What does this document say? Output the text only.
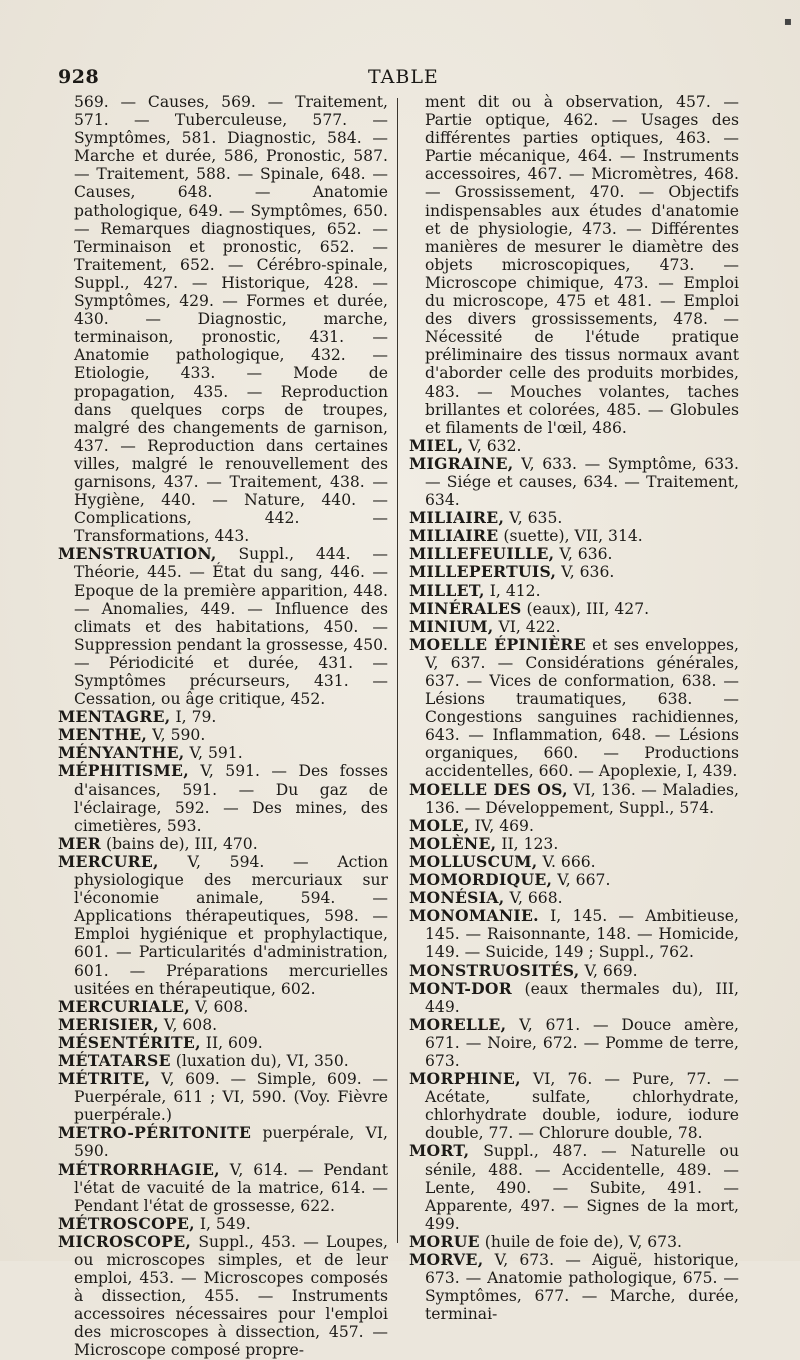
▪
928	TABLE

569. — Causes, 569. — Traitement, 571. — Tuberculeuse, 577. — Symptômes, 581. Diagnostic, 584. — Marche et durée, 586, Pronostic, 587. — Traitement, 588. — Spinale, 648. — Causes, 648. — Anatomie pathologique, 649. — Symptômes, 650. — Remarques diagnostiques, 652. — Terminaison et pronostic, 652. — Traitement, 652. — Cérébro-spinale, Suppl., 427. — Historique, 428. — Symptômes, 429. — Formes et durée, 430. — Diagnostic, marche, terminaison, pronostic, 431. — Anatomie pathologique, 432. — Etiologie, 433. — Mode de propagation, 435. — Reproduction dans quelques corps de troupes, malgré des changements de garnison, 437. — Reproduction dans certaines villes, malgré le renouvellement des garnisons, 437. — Traitement, 438. — Hygiène, 440. — Nature, 440. — Complications, 442. — Transformations, 443.

MENSTRUATION, Suppl., 444. — Théorie, 445. — État du sang, 446. — Epoque de la première apparition, 448. — Anomalies, 449. — Influence des climats et des habitations, 450. — Suppression pendant la grossesse, 450. — Périodicité et durée, 431. — Symptômes précurseurs, 431. — Cessation, ou âge critique, 452.

MENTAGRE, I, 79.

MENTHE, V, 590.

MÉNYANTHE, V, 591.

MÉPHITISME, V, 591. — Des fosses d'aisances, 591. — Du gaz de l'éclairage, 592. — Des mines, des cimetières, 593.

MER (bains de), III, 470.

MERCURE, V, 594. — Action physiologique des mercuriaux sur l'économie animale, 594. — Applications thérapeutiques, 598. — Emploi hygiénique et prophylactique, 601. — Particularités d'administration, 601. — Préparations mercurielles usitées en thérapeutique, 602.

MERCURIALE, V, 608.

MERISIER, V, 608.

MÉSENTÉRITE, II, 609.

MÉTATARSE (luxation du), VI, 350.

MÉTRITE, V, 609. — Simple, 609. — Puerpérale, 611 ; VI, 590. (Voy. Fièvre puerpérale.)

METRO-PÉRITONITE puerpérale, VI, 590.

MÉTRORRHAGIE, V, 614. — Pendant l'état de vacuité de la matrice, 614. — Pendant l'état de grossesse, 622.

MÉTROSCOPE, I, 549.

MICROSCOPE, Suppl., 453. — Loupes, ou microscopes simples, et de leur emploi, 453. — Microscopes composés à dissection, 455. — Instruments accessoires nécessaires pour l'emploi des microscopes à dissection, 457. — Microscope composé propre-

ment dit ou à observation, 457. — Partie optique, 462. — Usages des différentes parties optiques, 463. — Partie mécanique, 464. — Instruments accessoires, 467. — Micromètres, 468. — Grossissement, 470. — Objectifs indispensables aux études d'anatomie et de physiologie, 473. — Différentes manières de mesurer le diamètre des objets microscopiques, 473. — Microscope chimique, 473. — Emploi du microscope, 475 et 481. — Emploi des divers grossissements, 478. — Nécessité de l'étude pratique préliminaire des tissus normaux avant d'aborder celle des produits morbides, 483. — Mouches volantes, taches brillantes et colorées, 485. — Globules et filaments de l'œil, 486.

MIEL, V, 632.

MIGRAINE, V, 633. — Symptôme, 633. — Siége et causes, 634. — Traitement, 634.

MILIAIRE, V, 635.

MILIAIRE (suette), VII, 314.

MILLEFEUILLE, V, 636.

MILLEPERTUIS, V, 636.

MILLET, I, 412.

MINÉRALES (eaux), III, 427.

MINIUM, VI, 422.

MOELLE ÉPINIÈRE et ses enveloppes, V, 637. — Considérations générales, 637. — Vices de conformation, 638. — Lésions traumatiques, 638. — Congestions sanguines rachidiennes, 643. — Inflammation, 648. — Lésions organiques, 660. — Productions accidentelles, 660. — Apoplexie, I, 439.

MOELLE DES OS, VI, 136. — Maladies, 136. — Développement, Suppl., 574.

MOLE, IV, 469.

MOLÈNE, II, 123.

MOLLUSCUM, V. 666.

MOMORDIQUE, V, 667.

MONÉSIA, V, 668.

MONOMANIE. I, 145. — Ambitieuse, 145. — Raisonnante, 148. — Homicide, 149. — Suicide, 149 ; Suppl., 762.

MONSTRUOSITÉS, V, 669.

MONT-DOR (eaux thermales du), III, 449.

MORELLE, V, 671. — Douce amère, 671. — Noire, 672. — Pomme de terre, 673.

MORPHINE, VI, 76. — Pure, 77. — Acétate, sulfate, chlorhydrate, chlorhydrate double, iodure, iodure double, 77. — Chlorure double, 78.

MORT, Suppl., 487. — Naturelle ou sénile, 488. — Accidentelle, 489. — Lente, 490. — Subite, 491. — Apparente, 497. — Signes de la mort, 499.

MORUE (huile de foie de), V, 673.

MORVE, V, 673. — Aiguë, historique, 673. — Anatomie pathologique, 675. — Symptômes, 677. — Marche, durée, terminai-
